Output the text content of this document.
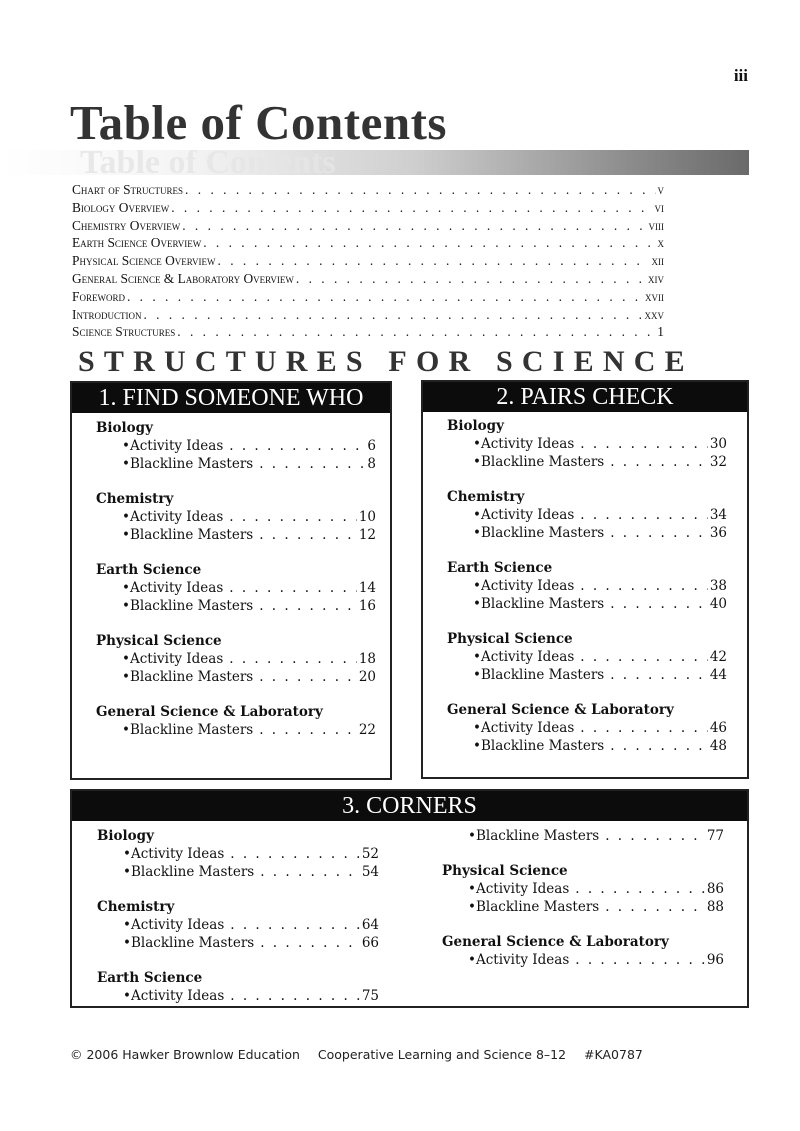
iii
Table of Contents
Table of Contents
Chart of Structures . . .	v
Biology Overview . . .	vi
Chemistry Overview . . .	viii
Earth Science Overview . . .	x
Physical Science Overview . . .	xii
General Science & Laboratory Overview . . .	xiv
Foreword . . .	xvii
Introduction . . .	xxv
Science Structures . . .	1
STRUCTURES FOR SCIENCE
1. FIND SOMEONE WHO
Biology
• Activity Ideas . . .	6
• Blackline Masters . . .	8
Chemistry
• Activity Ideas . . .	10
• Blackline Masters . . .	12
Earth Science
• Activity Ideas . . .	14
• Blackline Masters . . .	16
Physical Science
• Activity Ideas . . .	18
• Blackline Masters . . .	20
General Science & Laboratory
• Blackline Masters . . .	22
2. PAIRS CHECK
Biology
• Activity Ideas . . .	30
• Blackline Masters . . .	32
Chemistry
• Activity Ideas . . .	34
• Blackline Masters . . .	36
Earth Science
• Activity Ideas . . .	38
• Blackline Masters . . .	40
Physical Science
• Activity Ideas . . .	42
• Blackline Masters . . .	44
General Science & Laboratory
• Activity Ideas . . .	46
• Blackline Masters . . .	48
3. CORNERS
Biology
• Activity Ideas . . .	52
• Blackline Masters . . .	54
Chemistry
• Activity Ideas . . .	64
• Blackline Masters . . .	66
Earth Science
• Activity Ideas . . .	75
• Blackline Masters . . .	77
Physical Science
• Activity Ideas . . .	86
• Blackline Masters . . .	88
General Science & Laboratory
• Activity Ideas . . .	96
© 2006 Hawker Brownlow Education Cooperative Learning and Science 8–12 #KA0787
